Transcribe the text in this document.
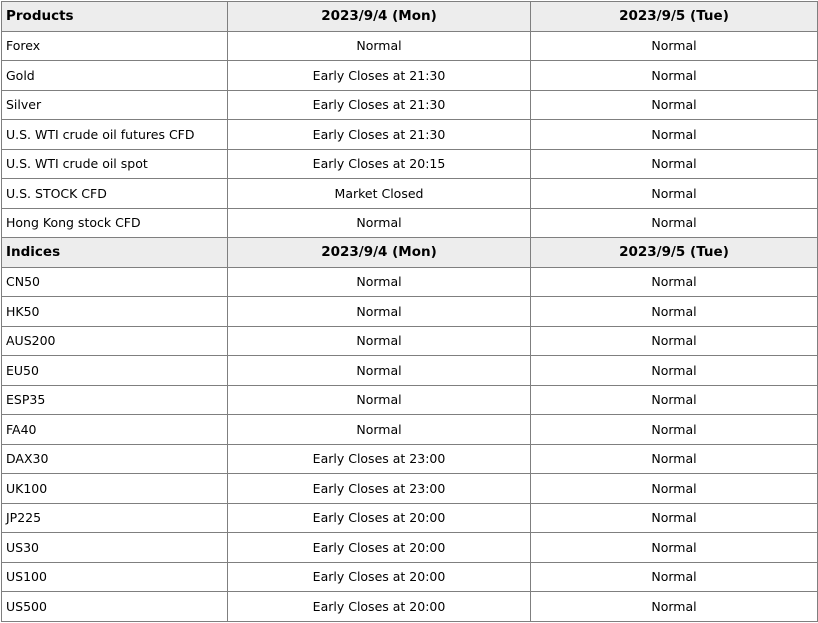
Products	2023/9/4 (Mon)	2023/9/5 (Tue)
Forex	Normal	Normal
Gold	Early Closes at 21:30	Normal
Silver	Early Closes at 21:30	Normal
U.S. WTI crude oil futures CFD	Early Closes at 21:30	Normal
U.S. WTI crude oil spot	Early Closes at 20:15	Normal
U.S. STOCK CFD	Market Closed	Normal
Hong Kong stock CFD	Normal	Normal
Indices	2023/9/4 (Mon)	2023/9/5 (Tue)
CN50	Normal	Normal
HK50	Normal	Normal
AUS200	Normal	Normal
EU50	Normal	Normal
ESP35	Normal	Normal
FA40	Normal	Normal
DAX30	Early Closes at 23:00	Normal
UK100	Early Closes at 23:00	Normal
JP225	Early Closes at 20:00	Normal
US30	Early Closes at 20:00	Normal
US100	Early Closes at 20:00	Normal
US500	Early Closes at 20:00	Normal
